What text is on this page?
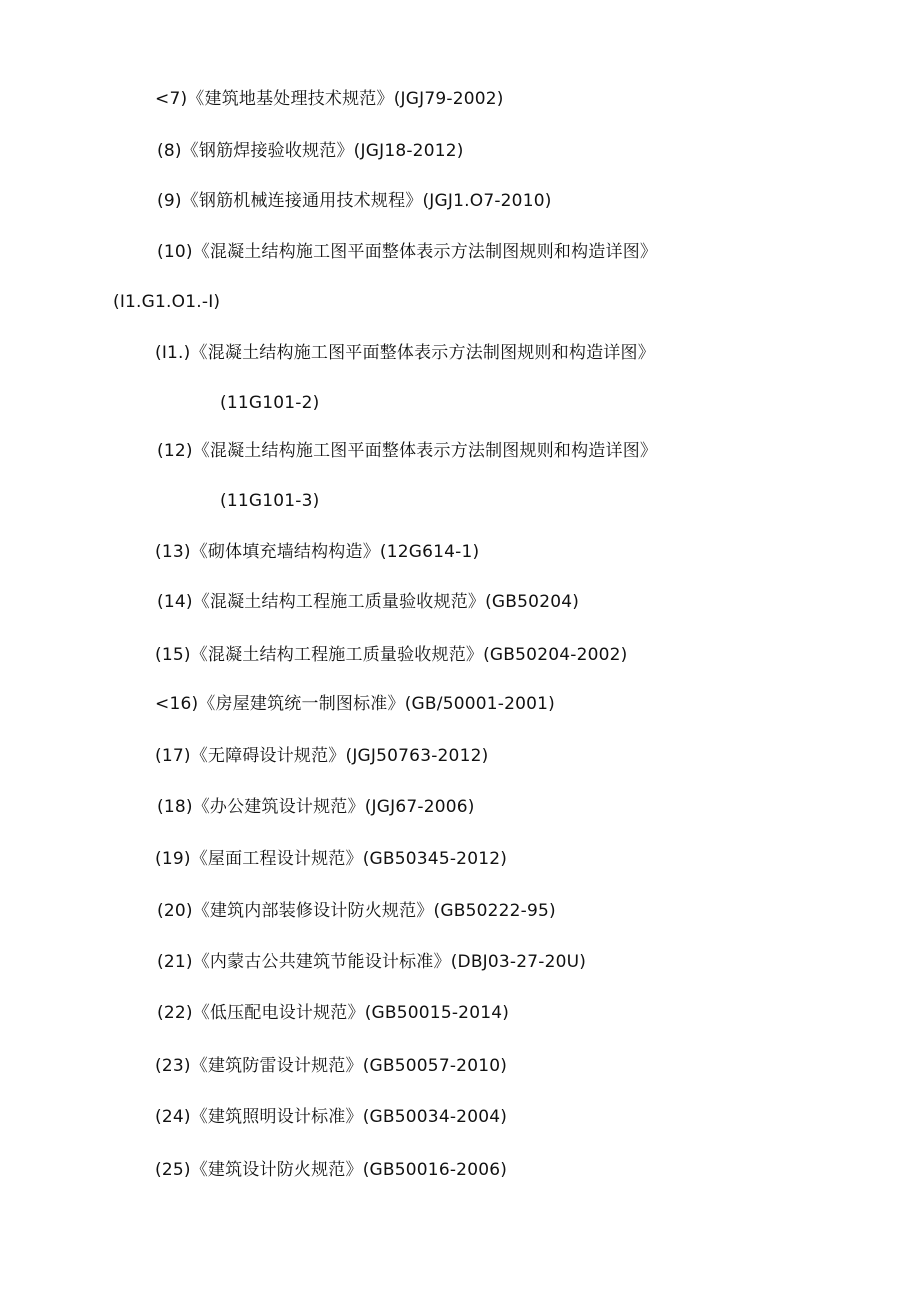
<7)《建筑地基处理技术规范》(JGJ79-2002)
(8)《钢筋焊接验收规范》(JGJ18-2012)
(9)《钢筋机械连接通用技术规程》(JGJ1.O7-2010)
(10)《混凝土结构施工图平面整体表示方法制图规则和构造详图》
(I1.G1.O1.-I)
(I1.)《混凝土结构施工图平面整体表示方法制图规则和构造详图》
(11G101-2)
(12)《混凝土结构施工图平面整体表示方法制图规则和构造详图》
(11G101-3)
(13)《砌体填充墙结构构造》(12G614-1)
(14)《混凝土结构工程施工质量验收规范》(GB50204)
(15)《混凝土结构工程施工质量验收规范》(GB50204-2002)
<16)《房屋建筑统一制图标准》(GB/50001-2001)
(17)《无障碍设计规范》(JGJ50763-2012)
(18)《办公建筑设计规范》(JGJ67-2006)
(19)《屋面工程设计规范》(GB50345-2012)
(20)《建筑内部装修设计防火规范》(GB50222-95)
(21)《内蒙古公共建筑节能设计标准》(DBJ03-27-20U)
(22)《低压配电设计规范》(GB50015-2014)
(23)《建筑防雷设计规范》(GB50057-2010)
(24)《建筑照明设计标准》(GB50034-2004)
(25)《建筑设计防火规范》(GB50016-2006)
